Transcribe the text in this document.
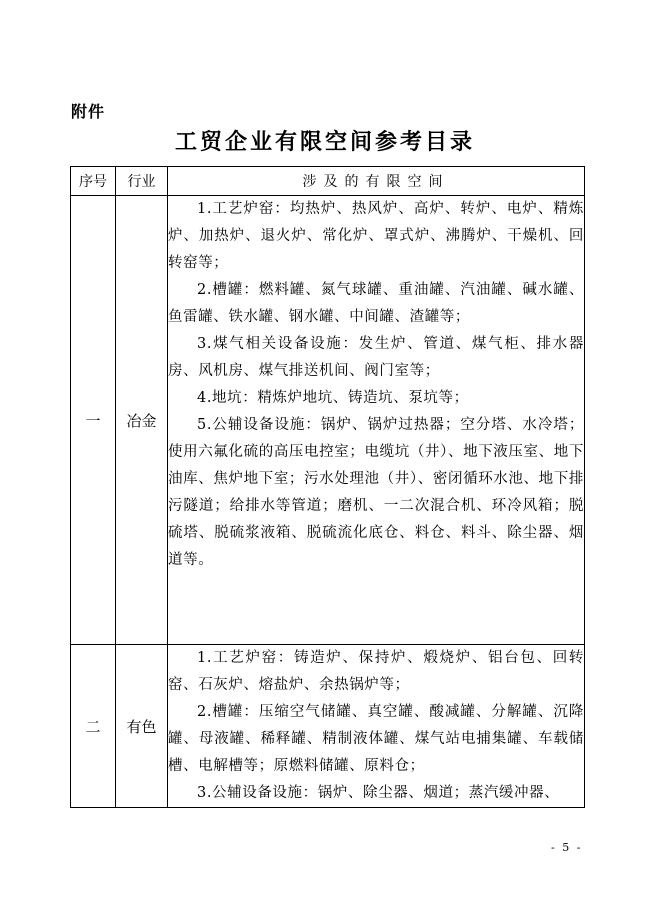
附件
工贸企业有限空间参考目录
序号	行业	涉及的有限空间
一	冶金	1.工艺炉窑：均热炉、热风炉、高炉、转炉、电炉、精炼炉、加热炉、退火炉、常化炉、罩式炉、沸腾炉、干燥机、回转窑等；

2.槽罐：燃料罐、氮气球罐、重油罐、汽油罐、碱水罐、鱼雷罐、铁水罐、钢水罐、中间罐、渣罐等；

3.煤气相关设备设施：发生炉、管道、煤气柜、排水器房、风机房、煤气排送机间、阀门室等；

4.地坑：精炼炉地坑、铸造坑、泵坑等；

5.公辅设备设施：锅炉、锅炉过热器；空分塔、水冷塔；使用六氟化硫的高压电控室；电缆坑（井）、地下液压室、地下油库、焦炉地下室；污水处理池（井）、密闭循环水池、地下排污隧道；给排水等管道；磨机、一二次混合机、环冷风箱；脱硫塔、脱硫浆液箱、脱硫流化底仓、料仓、料斗、除尘器、烟道等。

二	有色	1.工艺炉窑：铸造炉、保持炉、煅烧炉、铝台包、回转窑、石灰炉、熔盐炉、余热锅炉等；

2.槽罐：压缩空气储罐、真空罐、酸减罐、分解罐、沉降罐、母液罐、稀释罐、精制液体罐、煤气站电捕集罐、车载储槽、电解槽等；原燃料储罐、原料仓；

3.公辅设备设施：锅炉、除尘器、烟道；蒸汽缓冲器、

- 5 -
